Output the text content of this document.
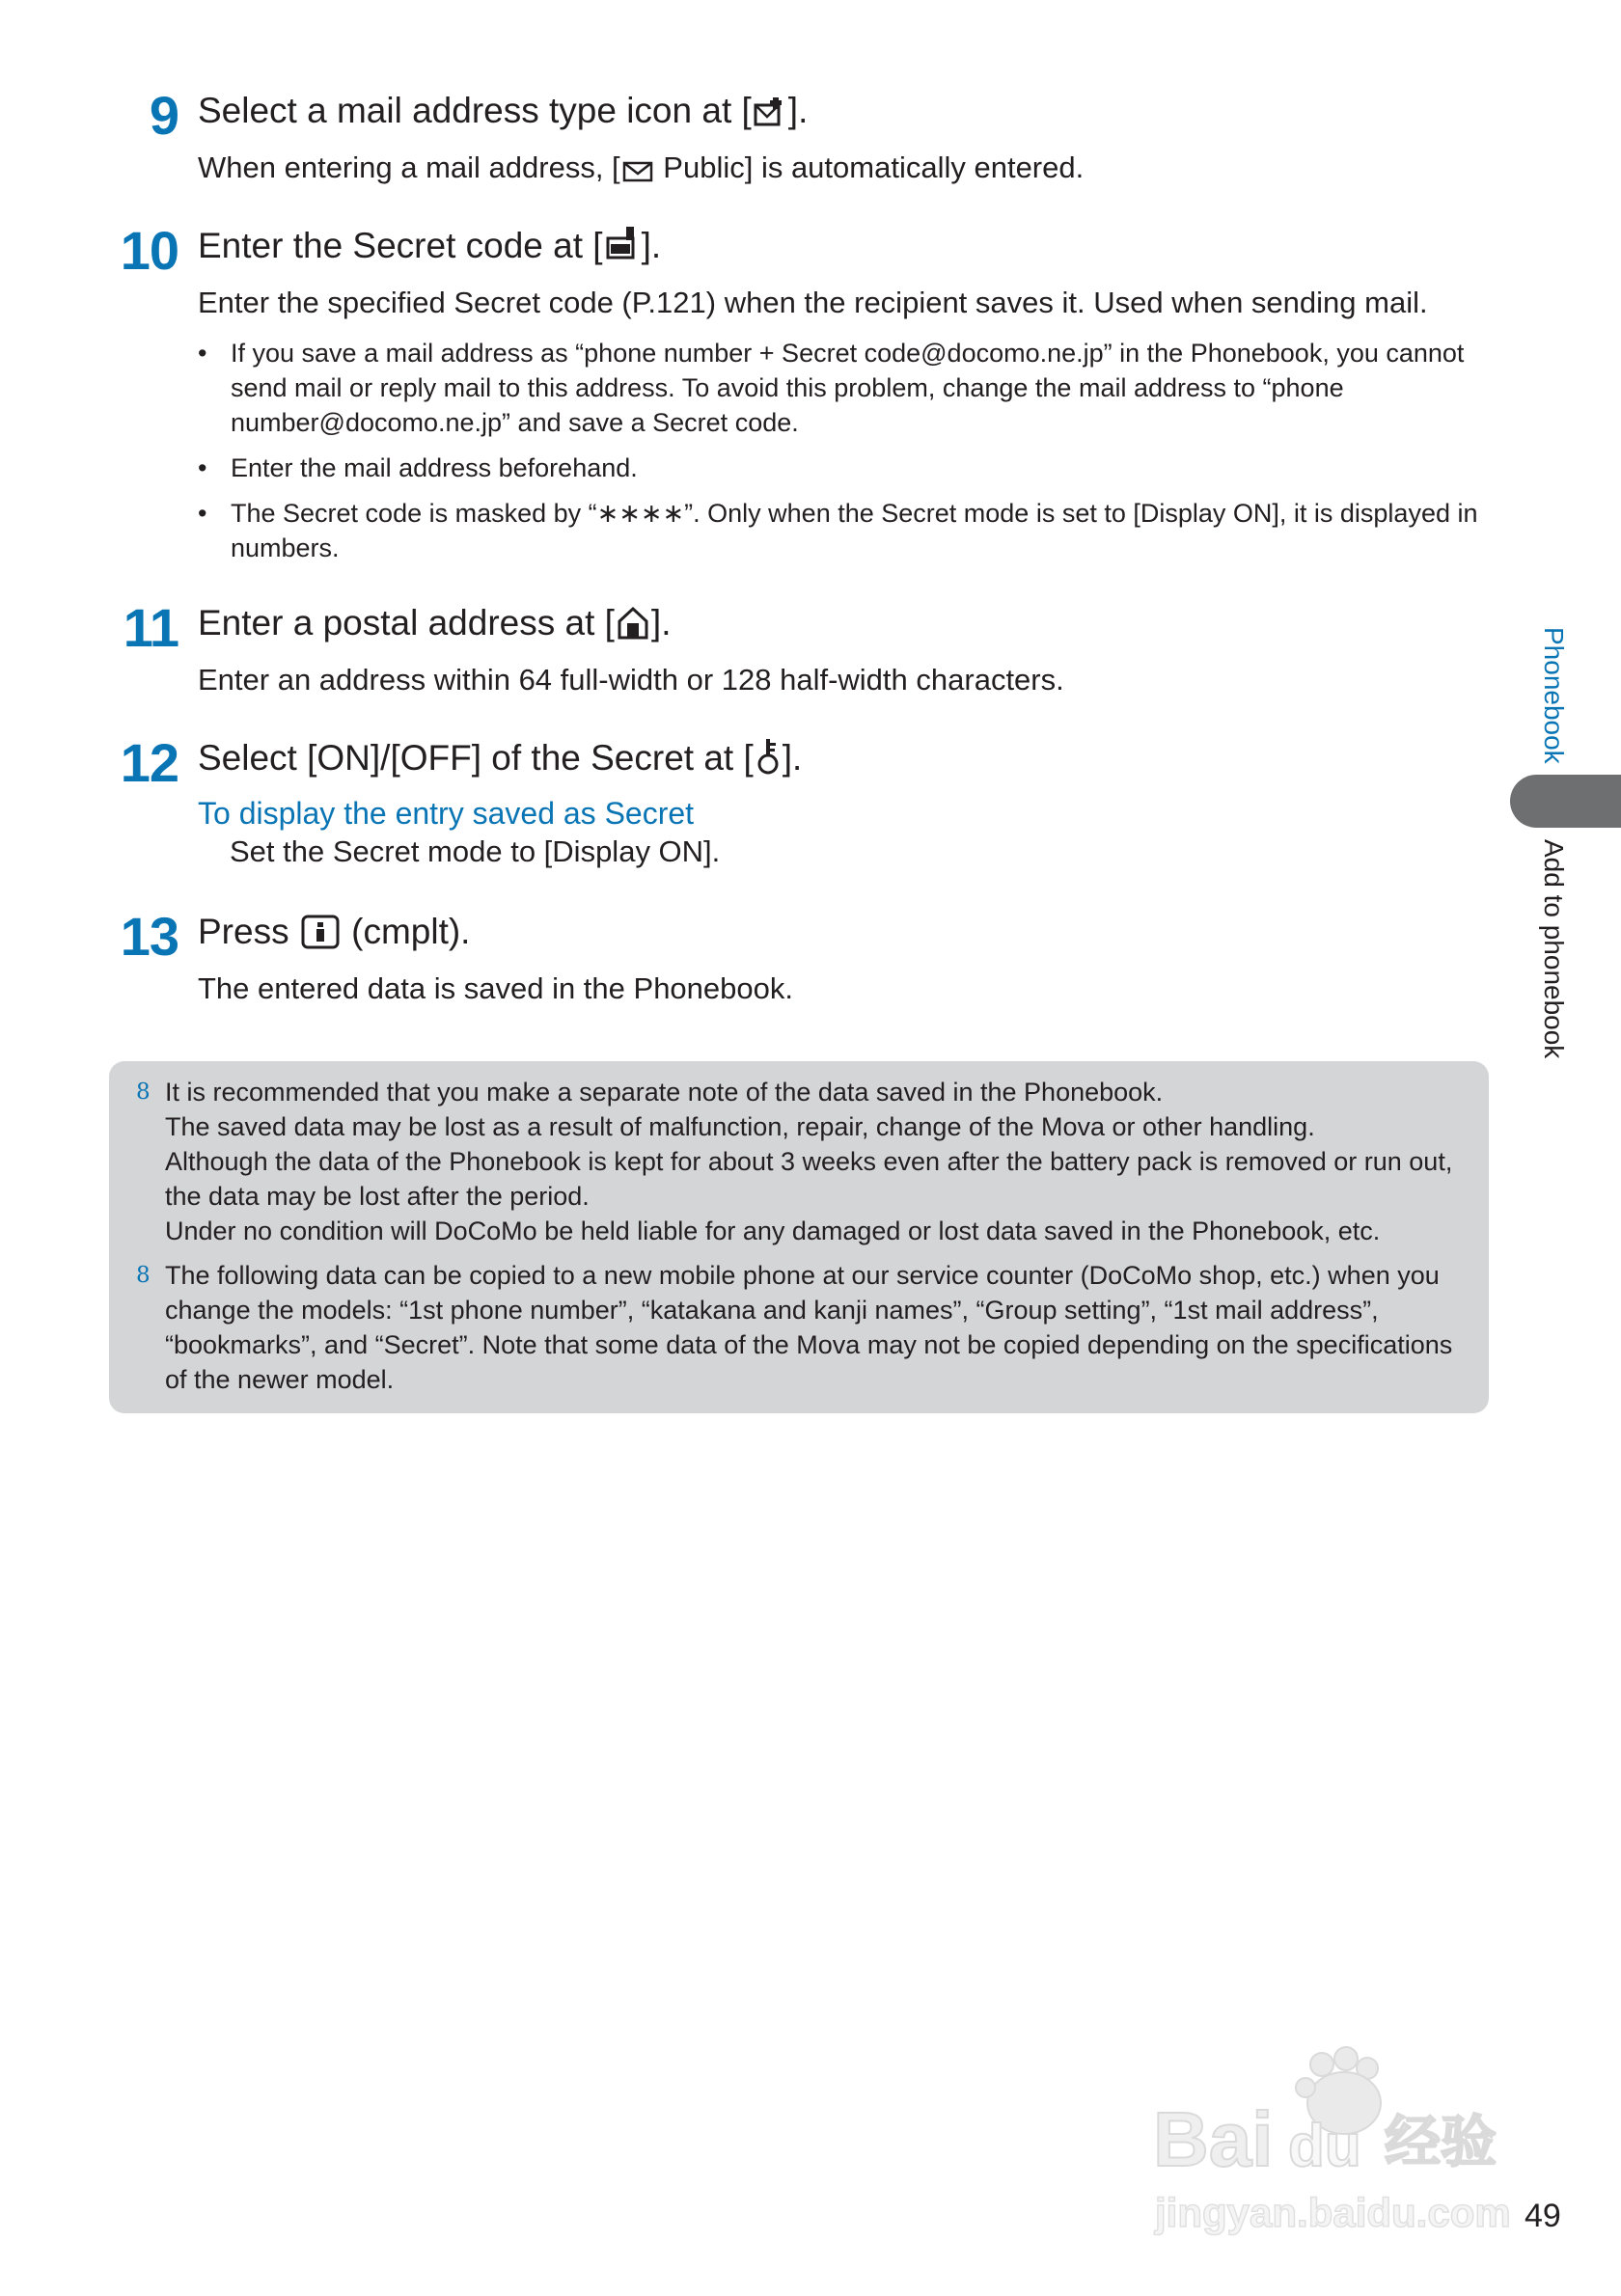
9 Select a mail address type icon at [ ].
When entering a mail address, [ Public] is automatically entered.
10 Enter the Secret code at [ ].
Enter the specified Secret code (P.121) when the recipient saves it. Used when sending mail.
• If you save a mail address as “phone number + Secret code@docomo.ne.jp” in the Phonebook, you cannot send mail or reply mail to this address. To avoid this problem, change the mail address to “phone number@docomo.ne.jp” and save a Secret code.
• Enter the mail address beforehand.
• The Secret code is masked by “∗∗∗∗”. Only when the Secret mode is set to [Display ON], it is displayed in numbers.
11 Enter a postal address at [ ].
Enter an address within 64 full-width or 128 half-width characters.
12 Select [ON]/[OFF] of the Secret at [ ].
To display the entry saved as Secret
Set the Secret mode to [Display ON].
13 Press (cmplt).
The entered data is saved in the Phonebook.
8 It is recommended that you make a separate note of the data saved in the Phonebook.
The saved data may be lost as a result of malfunction, repair, change of the Mova or other handling.
Although the data of the Phonebook is kept for about 3 weeks even after the battery pack is removed or run out, the data may be lost after the period.
Under no condition will DoCoMo be held liable for any damaged or lost data saved in the Phonebook, etc.
8 The following data can be copied to a new mobile phone at our service counter (DoCoMo shop, etc.) when you change the models: “1st phone number”, “katakana and kanji names”, “Group setting”, “1st mail address”, “bookmarks”, and “Secret”. Note that some data of the Mova may not be copied depending on the specifications of the newer model.
Phonebook
Add to phonebook
Bai du 经验
jingyan.baidu.com 49
